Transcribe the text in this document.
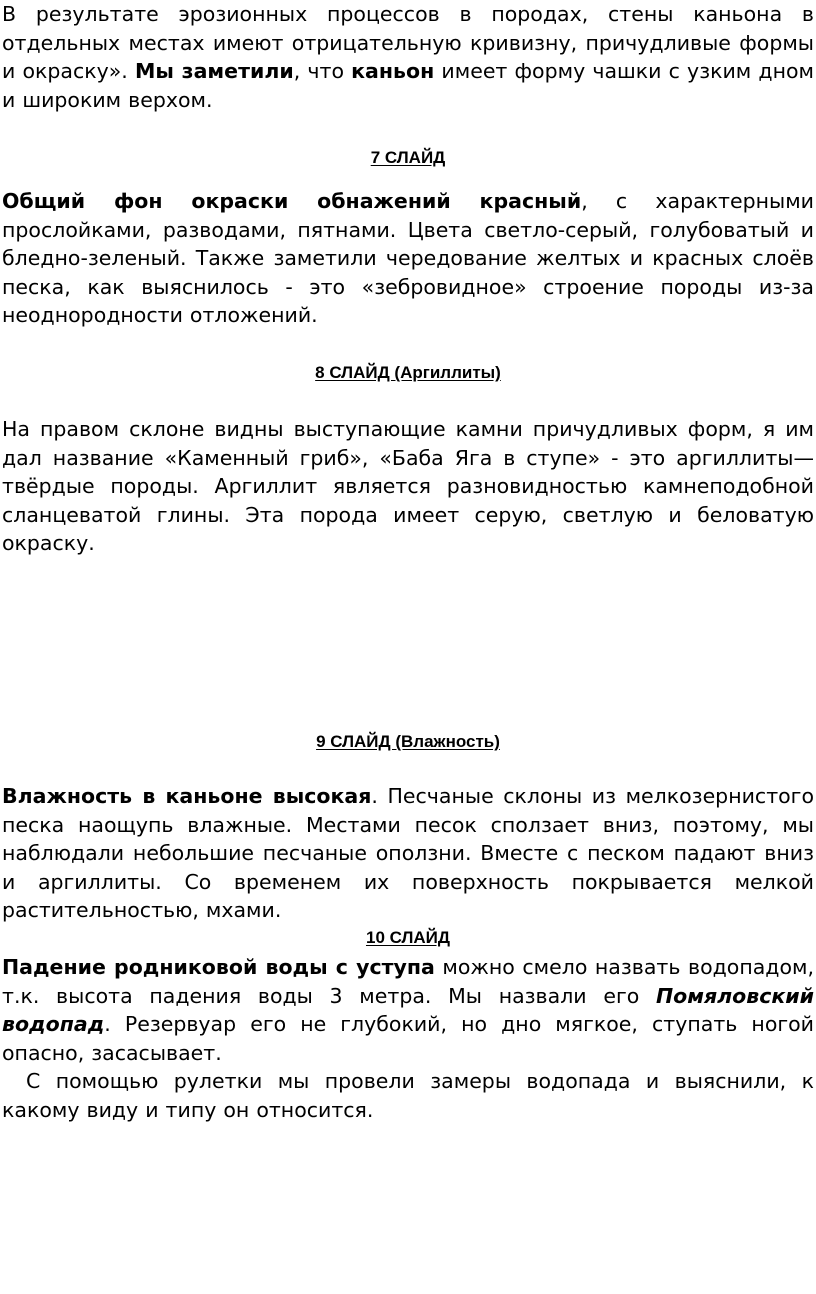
В результате эрозионных процессов в породах, стены каньона в отдельных местах имеют отрицательную кривизну, причудливые формы и окраску». Мы заметили, что каньон имеет форму чашки с узким дном и широким верхом.

7 СЛАЙД

Общий фон окраски обнажений красный, с характерными прослойками, разводами, пятнами. Цвета светло-серый, голубоватый и бледно-зеленый. Также заметили чередование желтых и красных слоёв песка, как выяснилось - это «зебровидное» строение породы из-за неоднородности отложений.

8 СЛАЙД (Аргиллиты)

На правом склоне видны выступающие камни причудливых форм, я им дал название «Каменный гриб», «Баба Яга в ступе» - это аргиллиты— твёрдые породы. Аргиллит является разновидностью камнеподобной сланцеватой глины. Эта порода имеет серую, светлую и беловатую окраску.

9 СЛАЙД (Влажность)

Влажность в каньоне высокая. Песчаные склоны из мелкозернистого песка наощупь влажные. Местами песок сползает вниз, поэтому, мы наблюдали небольшие песчаные оползни. Вместе с песком падают вниз и аргиллиты. Со временем их поверхность покрывается мелкой растительностью, мхами.

10 СЛАЙД

Падение родниковой воды с уступа можно смело назвать водопадом, т.к. высота падения воды 3 метра. Мы назвали его Помяловский водопад. Резервуар его не глубокий, но дно мягкое, ступать ногой опасно, засасывает.

С помощью рулетки мы провели замеры водопада и выяснили, к какому виду и типу он относится.
